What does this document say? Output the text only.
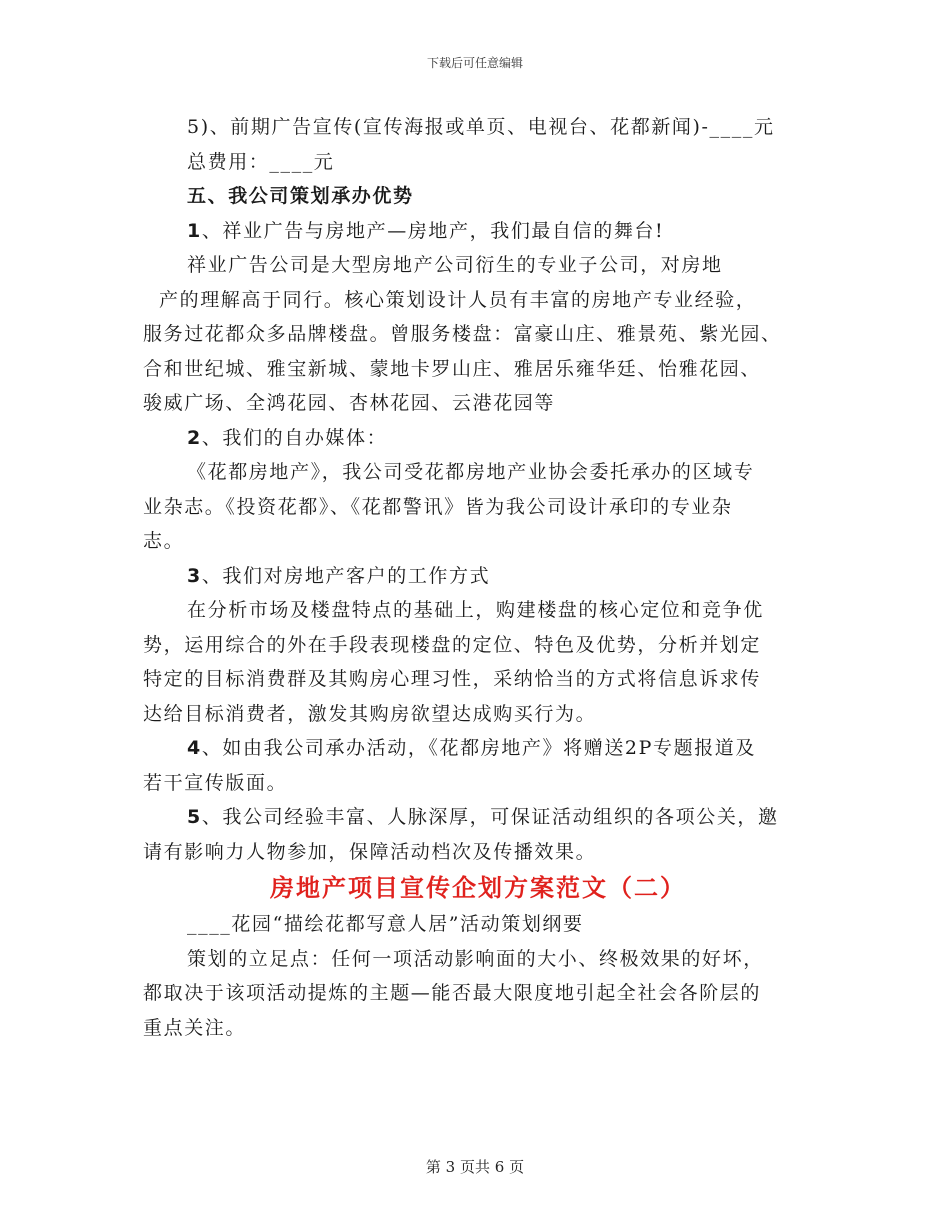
下载后可任意编辑
5)、前期广告宣传(宣传海报或单页、电视台、花都新闻)-____元
总费用：____元
五、我公司策划承办优势
1、祥业广告与房地产—房地产，我们最自信的舞台!
祥业广告公司是大型房地产公司衍生的专业子公司，对房地
产的理解高于同行。核心策划设计人员有丰富的房地产专业经验，
服务过花都众多品牌楼盘。曾服务楼盘：富豪山庄、雅景苑、紫光园、
合和世纪城、雅宝新城、蒙地卡罗山庄、雅居乐雍华廷、怡雅花园、
骏威广场、全鸿花园、杏林花园、云港花园等
2、我们的自办媒体：
《花都房地产》，我公司受花都房地产业协会委托承办的区域专
业杂志。《投资花都》、《花都警讯》皆为我公司设计承印的专业杂
志。
3、我们对房地产客户的工作方式
在分析市场及楼盘特点的基础上，购建楼盘的核心定位和竞争优
势，运用综合的外在手段表现楼盘的定位、特色及优势，分析并划定
特定的目标消费群及其购房心理习性，采纳恰当的方式将信息诉求传
达给目标消费者，激发其购房欲望达成购买行为。
4、如由我公司承办活动，《花都房地产》将赠送2P专题报道及
若干宣传版面。
5、我公司经验丰富、人脉深厚，可保证活动组织的各项公关，邀
请有影响力人物参加，保障活动档次及传播效果。
房地产项目宣传企划方案范文（二）
____花园“描绘花都写意人居”活动策划纲要
策划的立足点：任何一项活动影响面的大小、终极效果的好坏，
都取决于该项活动提炼的主题—能否最大限度地引起全社会各阶层的
重点关注。
第 3 页共 6 页
